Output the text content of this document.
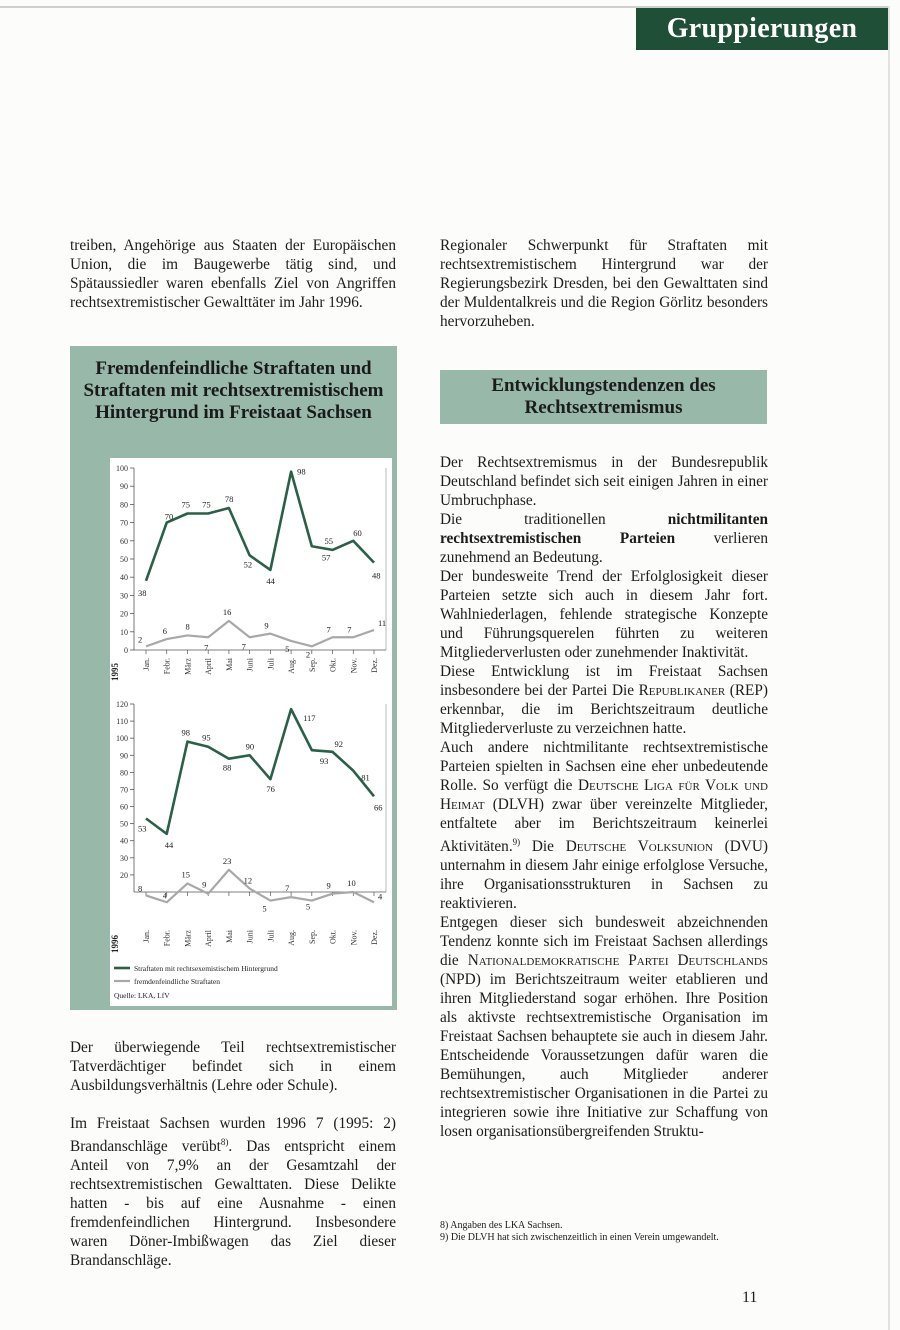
Gruppierungen
treiben, Angehörige aus Staaten der Europäischen Union, die im Baugewerbe tätig sind, und Spätaussiedler waren ebenfalls Ziel von Angriffen rechtsextremistischer Gewalttäter im Jahr 1996.
Regionaler Schwerpunkt für Straftaten mit rechtsextremistischem Hintergrund war der Regierungsbezirk Dresden, bei den Gewalttaten sind der Muldentalkreis und die Region Görlitz besonders hervorzuheben.
Fremdenfeindliche Straftaten und Straftaten mit rechtsextremistischem Hintergrund im Freistaat Sachsen
0
10
20
30
40
50
60
70
80
90
100
Jan. Febr. März April Mai Juni Juli Aug. Sep. Okt. Nov. Dez.
1995
38
70
75 75
78
52
44
98
57
55
60
48
2
6 8
7
16
7
9
5
2
7 7
11
20
30
40
50
60
70
80
90
100
110
120
Jan. Febr. März April Mai Juni Juli Aug. Sep. Okt. Nov. Dez.
1996
53
44
98
95
88
90
76
117
93
92
81
66
8
4
15
9
23
12
5
7
5
9 10
4
Straftaten mit rechtsexemistischem Hintergrund
fremdenfeindliche Straftaten
Quelle: LKA, LfV
Entwicklungstendenzen des Rechtsextremismus

Der Rechtsextremismus in der Bundesrepublik Deutschland befindet sich seit einigen Jahren in einer Umbruchphase.

Die traditionellen nichtmilitanten rechtsextremistischen Parteien verlieren zunehmend an Bedeutung.

Der bundesweite Trend der Erfolglosigkeit dieser Parteien setzte sich auch in diesem Jahr fort. Wahlniederlagen, fehlende strategische Konzepte und Führungsquerelen führten zu weiteren Mitgliederverlusten oder zunehmender Inaktivität.

Diese Entwicklung ist im Freistaat Sachsen insbesondere bei der Partei Die Republikaner (REP) erkennbar, die im Berichtszeitraum deutliche Mitgliederverluste zu verzeichnen hatte.

Auch andere nichtmilitante rechtsextremistische Parteien spielten in Sachsen eine eher unbedeutende Rolle. So verfügt die Deutsche Liga für Volk und Heimat (DLVH) zwar über vereinzelte Mitglieder, entfaltete aber im Berichtszeitraum keinerlei Aktivitäten.$^{9)}$ Die Deutsche Volksunion (DVU) unternahm in diesem Jahr einige erfolglose Versuche, ihre Organisationsstrukturen in Sachsen zu reaktivieren.

Entgegen dieser sich bundesweit abzeichnenden Tendenz konnte sich im Freistaat Sachsen allerdings die Nationaldemokratische Partei Deutschlands (NPD) im Berichtszeitraum weiter etablieren und ihren Mitgliederstand sogar erhöhen. Ihre Position als aktivste rechtsextremistische Organisation im Freistaat Sachsen behauptete sie auch in diesem Jahr. Entscheidende Voraussetzungen dafür waren die Bemühungen, auch Mitglieder anderer rechtsextremistischer Organisationen in die Partei zu integrieren sowie ihre Initiative zur Schaffung von losen organisationsübergreifenden Struktu-

Der überwiegende Teil rechtsextremistischer Tatverdächtiger befindet sich in einem Ausbildungsverhältnis (Lehre oder Schule).
Im Freistaat Sachsen wurden 1996 7 (1995: 2) Brandanschläge verübt$^{8)}$. Das entspricht einem Anteil von 7,9% an der Gesamtzahl der rechtsextremistischen Gewalttaten. Diese Delikte hatten - bis auf eine Ausnahme - einen fremdenfeindlichen Hintergrund. Insbesondere waren Döner-Imbißwagen das Ziel dieser Brandanschläge.
8) Angaben des LKA Sachsen.
9) Die DLVH hat sich zwischenzeitlich in einen Verein umgewandelt.
11
